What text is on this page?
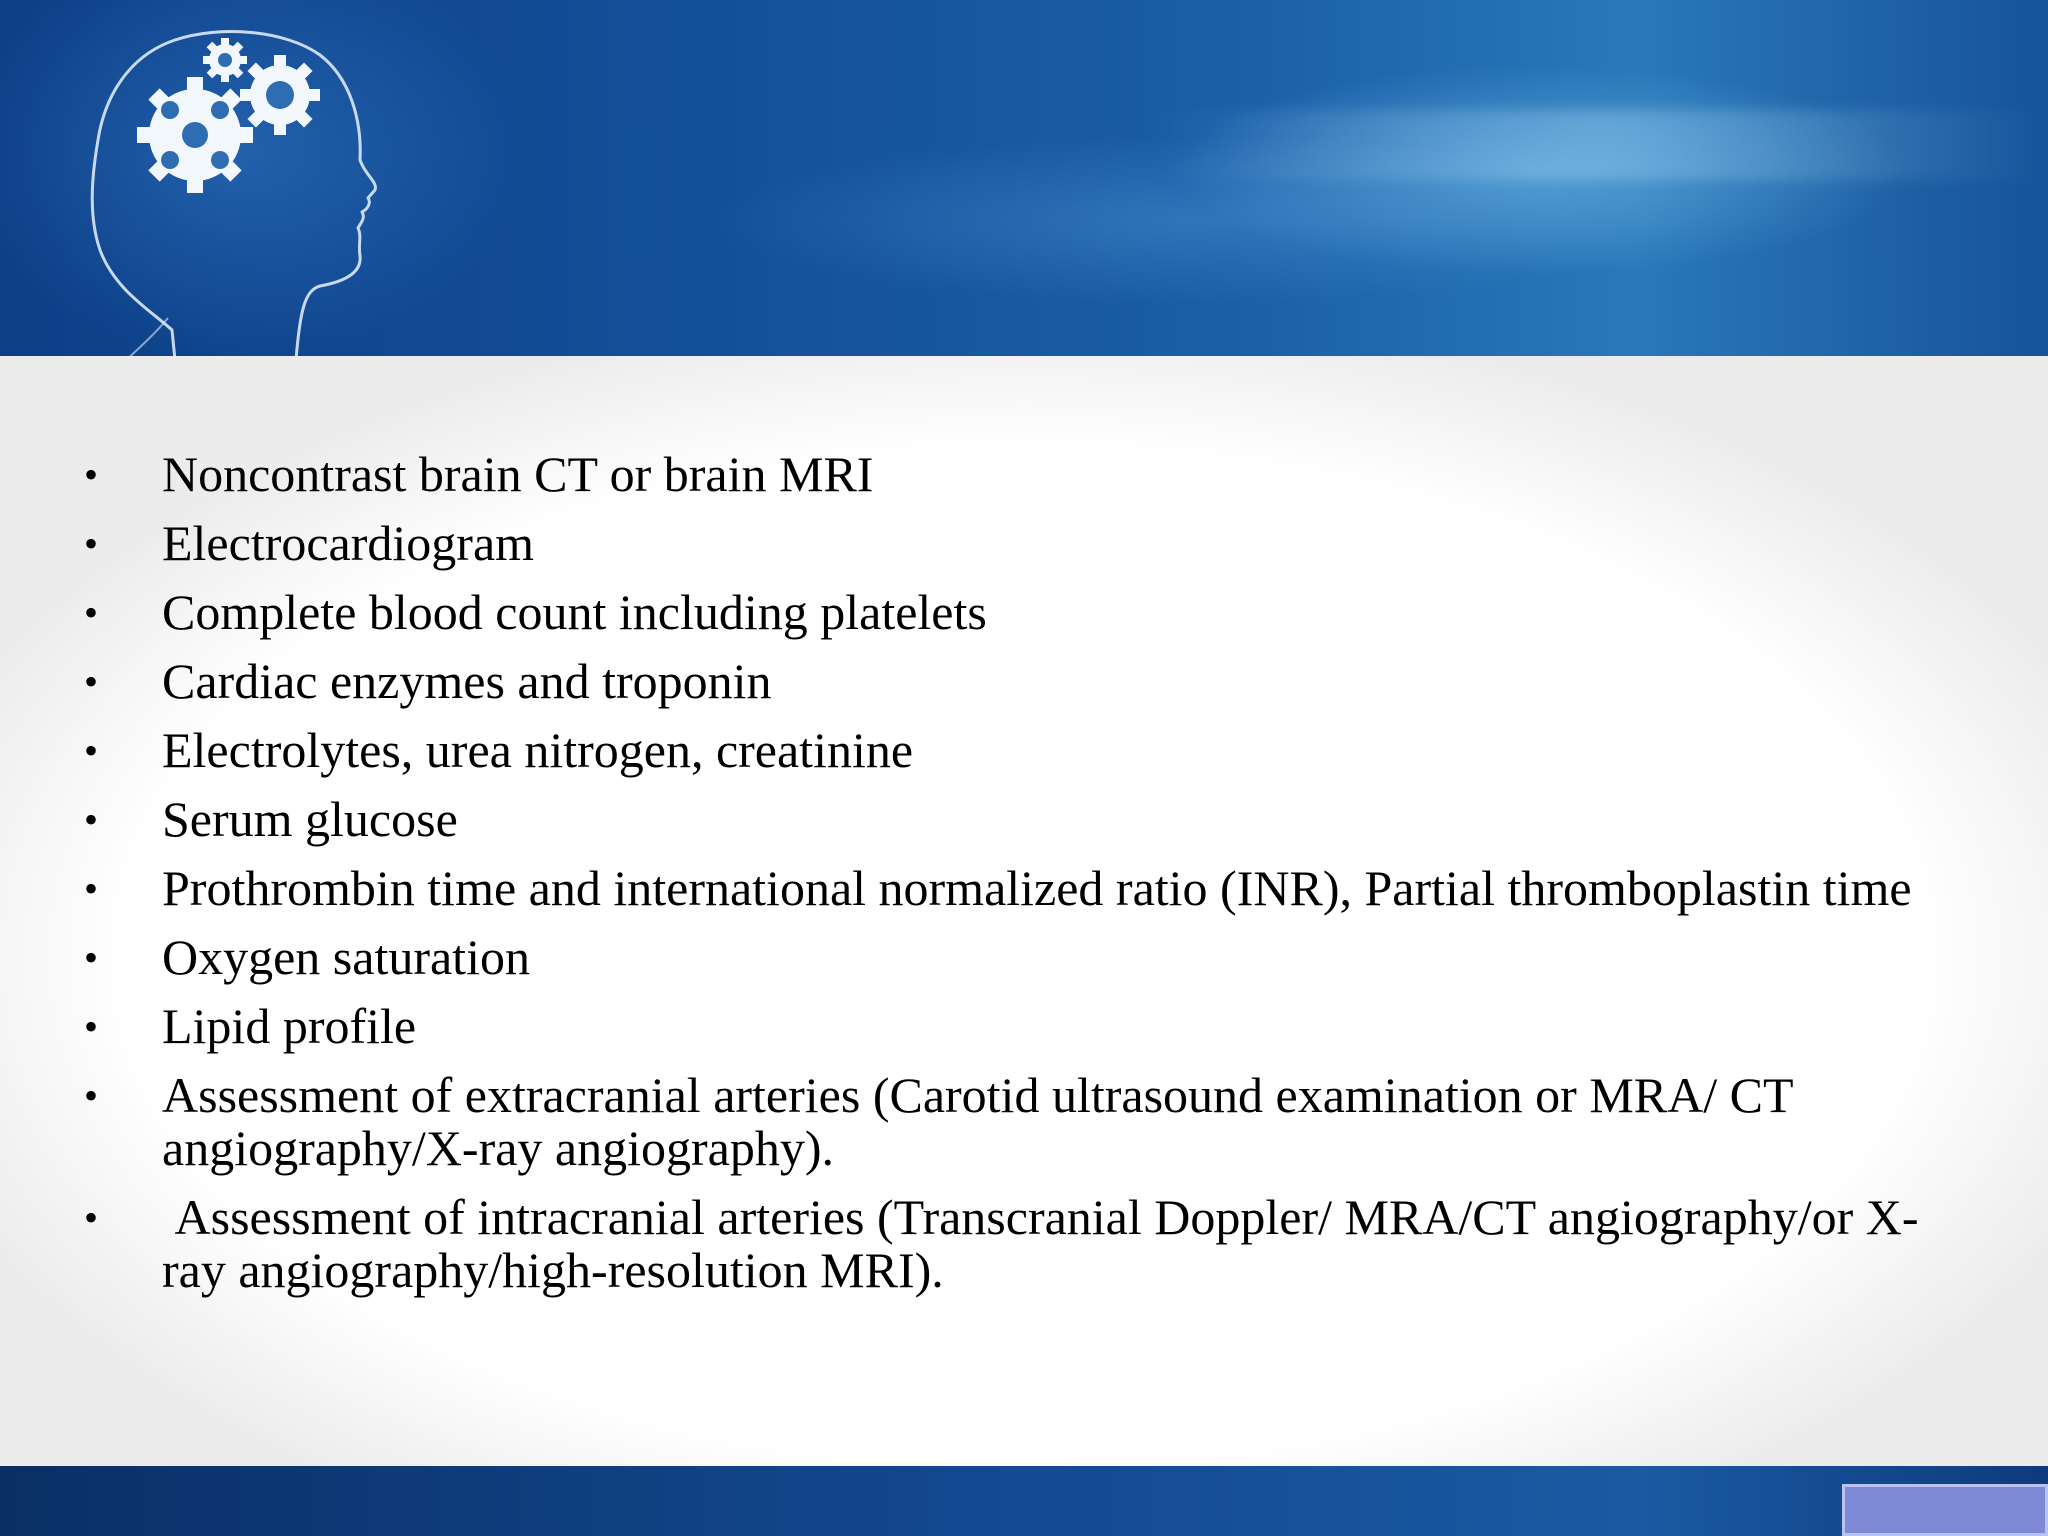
• Noncontrast brain CT or brain MRI
• Electrocardiogram
• Complete blood count including platelets
• Cardiac enzymes and troponin
• Electrolytes, urea nitrogen, creatinine
• Serum glucose
• Prothrombin time and international normalized ratio (INR), Partial thromboplastin time
• Oxygen saturation
• Lipid profile
• Assessment of extracranial arteries (Carotid ultrasound examination or MRA/ CT angiography/X-ray angiography).
• Assessment of intracranial arteries (Transcranial Doppler/ MRA/CT angiography/or X-ray angiography/high-resolution MRI).
